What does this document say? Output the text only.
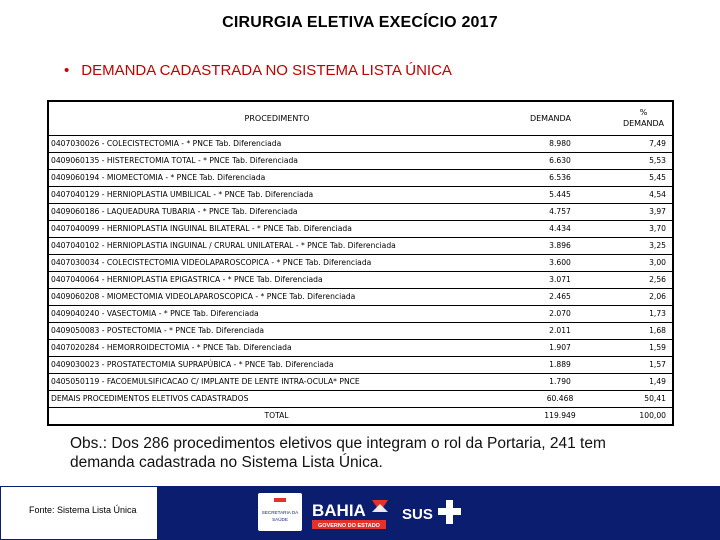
CIRURGIA ELETIVA EXECÍCIO 2017
• DEMANDA CADASTRADA NO SISTEMA LISTA ÚNICA
PROCEDIMENTO	DEMANDA	%
DEMANDA

0407030026 - COLECISTECTOMIA - * PNCE Tab. Diferenciada	8.980	7,49
0409060135 - HISTERECTOMIA TOTAL - * PNCE Tab. Diferenciada	6.630	5,53
0409060194 - MIOMECTOMIA - * PNCE Tab. Diferenciada	6.536	5,45
0407040129 - HERNIOPLASTIA UMBILICAL - * PNCE Tab. Diferenciada	5.445	4,54
0409060186 - LAQUEADURA TUBARIA - * PNCE Tab. Diferenciada	4.757	3,97
0407040099 - HERNIOPLASTIA INGUINAL BILATERAL - * PNCE Tab. Diferenciada	4.434	3,70
0407040102 - HERNIOPLASTIA INGUINAL / CRURAL UNILATERAL - * PNCE Tab. Diferenciada	3.896	3,25
0407030034 - COLECISTECTOMIA VIDEOLAPAROSCOPICA - * PNCE Tab. Diferenciada	3.600	3,00
0407040064 - HERNIOPLASTIA EPIGASTRICA - * PNCE Tab. Diferenciada	3.071	2,56
0409060208 - MIOMECTOMIA VIDEOLAPAROSCOPICA - * PNCE Tab. Diferenciada	2.465	2,06
0409040240 - VASECTOMIA - * PNCE Tab. Diferenciada	2.070	1,73
0409050083 - POSTECTOMIA - * PNCE Tab. Diferenciada	2.011	1,68
0407020284 - HEMORROIDECTOMIA - * PNCE Tab. Diferenciada	1.907	1,59
0409030023 - PROSTATECTOMIA SUPRAPÚBICA - * PNCE Tab. Diferenciada	1.889	1,57
0405050119 - FACOEMULSIFICACAO C/ IMPLANTE DE LENTE INTRA-OCULA* PNCE	1.790	1,49
DEMAIS PROCEDIMENTOS ELETIVOS CADASTRADOS	60.468	50,41
TOTAL	119.949	100,00
Obs.: Dos 286 procedimentos eletivos que integram o rol da Portaria, 241 tem demanda cadastrada no Sistema Lista Única.
Fonte: Sistema Lista Única	SECRETARIA DA
SAÚDE BAHIA
GOVERNO DO ESTADO
SUS
